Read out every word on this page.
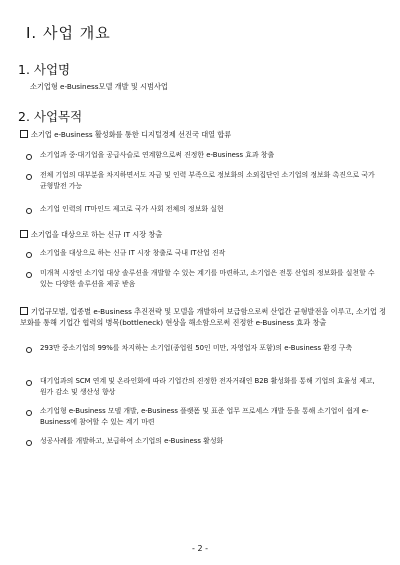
I. 사업 개요
1. 사업명
소기업형 e-Business모델 개발 및 시범사업
2. 사업목적
소기업 e-Business 활성화를 통한 디지털경제 선진국 대열 합류
소기업과 중·대기업을 공급사슬로 연계함으로써 진정한 e-Business 효과 창출
전체 기업의 대부분을 차지하면서도 자금 및 인력 부족으로 정보화의 소외집단인 소기업의 정보화 촉진으로 국가 균형발전 가능
소기업 인력의 IT마인드 제고로 국가 사회 전체의 정보화 실현
소기업을 대상으로 하는 신규 IT 시장 창출
소기업을 대상으로 하는 신규 IT 시장 창출로 국내 IT산업 진작
미개척 시장인 소기업 대상 솔루션을 개발할 수 있는 계기를 마련하고, 소기업은 전통 산업의 정보화를 실천할 수 있는 다양한 솔루션을 제공 받음
기업규모별, 업종별 e-Business 추진전략 및 모델을 개발하여 보급함으로써 산업간 균형발전을 이루고, 소기업 정보화를 통해 기업간 협력의 병목(bottleneck) 현상을 해소함으로써 진정한 e-Business 효과 창출
293만 중소기업의 99%를 차지하는 소기업(종업원 50인 미만, 자영업자 포함)의 e-Business 환경 구축
대기업과의 SCM 연계 및 온라인화에 따라 기업간의 진정한 전자거래인 B2B 활성화를 통해 기업의 효율성 제고, 원가 감소 및 생산성 향상
소기업형 e-Business 모델 개발, e-Business 플랫폼 및 표준 업무 프로세스 개발 등을 통해 소기업이 쉽게 e-Business에 참여할 수 있는 계기 마련
성공사례를 개발하고, 보급하여 소기업의 e-Business 활성화
- 2 -
